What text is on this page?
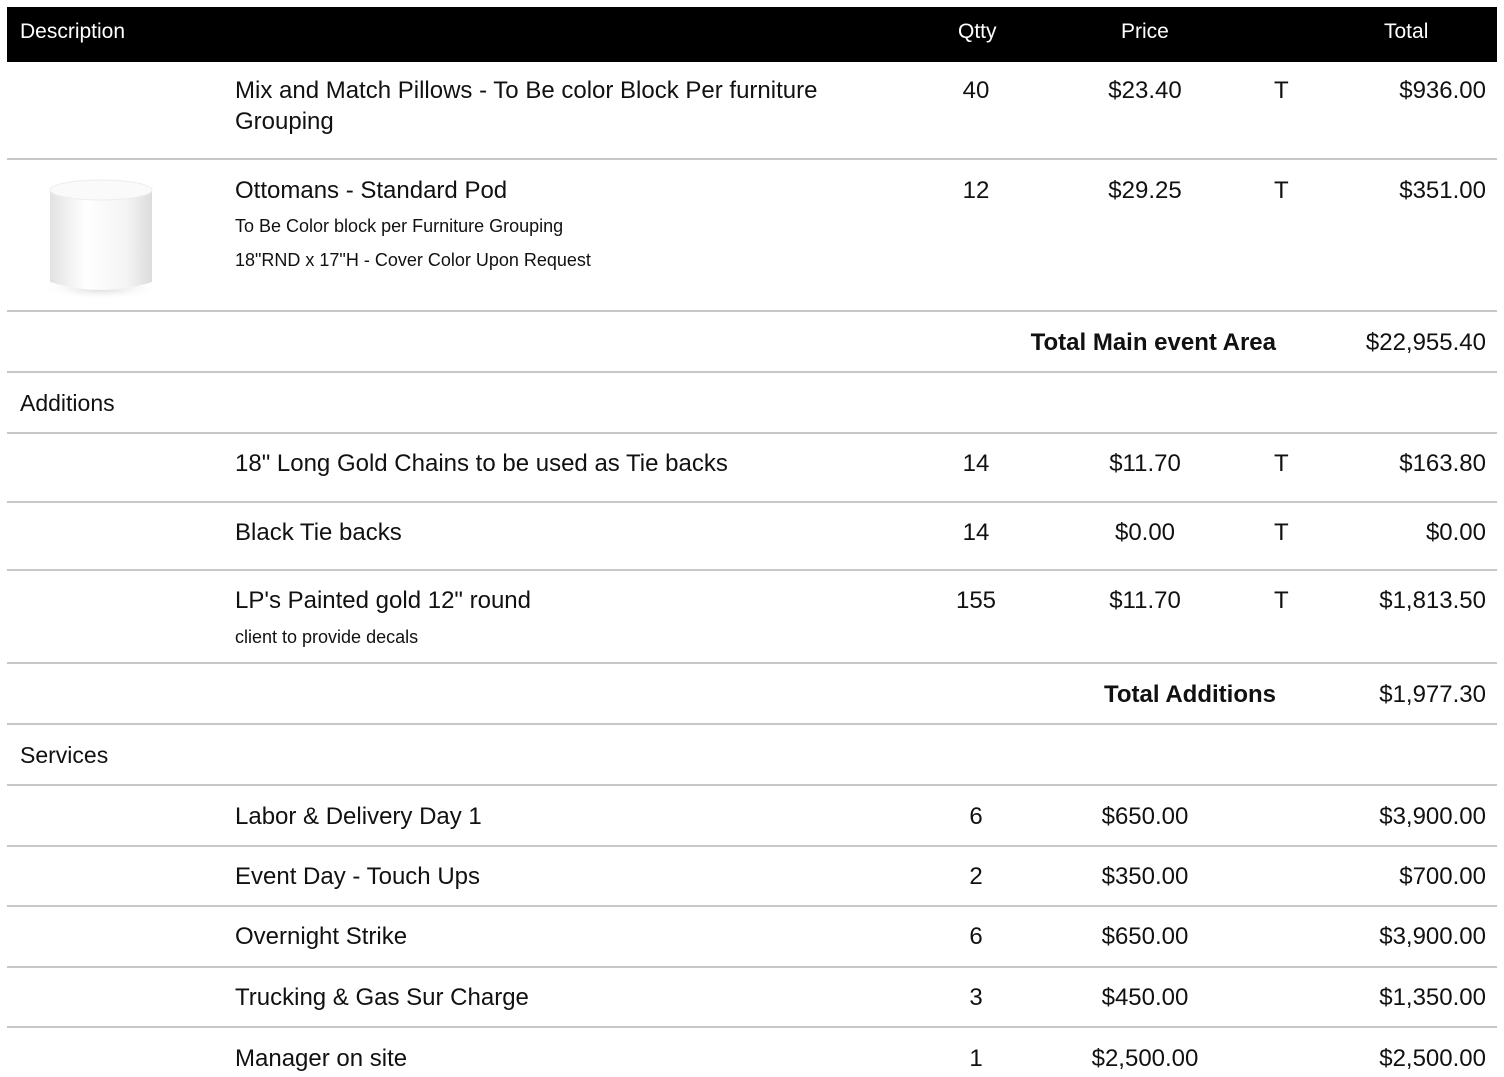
Description	Qtty	Price	Total
Mix and Match Pillows - To Be color Block Per furniture
Grouping
40	$23.40	T	$936.00
Ottomans - Standard Pod
To Be Color block per Furniture Grouping
18"RND x 17"H - Cover Color Upon Request
12	$29.25	T	$351.00
Total Main event Area	$22,955.40
Additions
18" Long Gold Chains to be used as Tie backs	14	$11.70	T	$163.80
Black Tie backs	14	$0.00	T	$0.00
LP's Painted gold 12" round
client to provide decals
155	$11.70	T	$1,813.50
Total Additions	$1,977.30
Services
Labor & Delivery Day 1	6	$650.00	$3,900.00
Event Day - Touch Ups	2	$350.00	$700.00
Overnight Strike	6	$650.00	$3,900.00
Trucking & Gas Sur Charge	3	$450.00	$1,350.00
Manager on site	1	$2,500.00	$2,500.00
